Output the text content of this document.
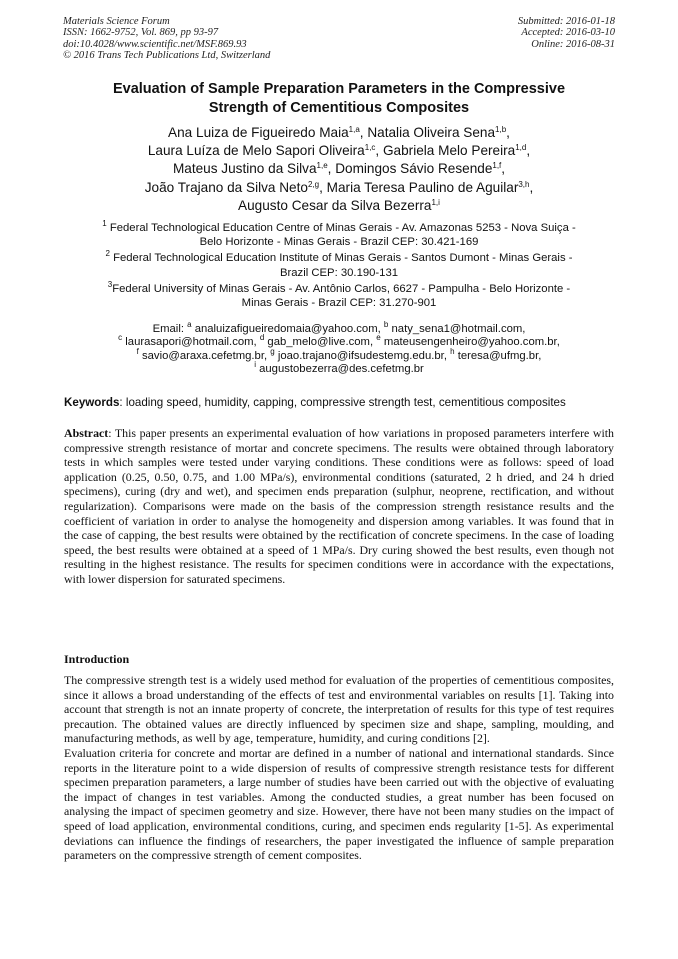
Materials Science Forum
ISSN: 1662-9752, Vol. 869, pp 93-97
doi:10.4028/www.scientific.net/MSF.869.93
© 2016 Trans Tech Publications Ltd, Switzerland
Submitted: 2016-01-18
Accepted: 2016-03-10
Online: 2016-08-31
Evaluation of Sample Preparation Parameters in the Compressive
Strength of Cementitious Composites
Ana Luiza de Figueiredo Maia$^{1,a}$, Natalia Oliveira Sena$^{1,b}$,
Laura Luíza de Melo Sapori Oliveira$^{1,c}$, Gabriela Melo Pereira$^{1,d}$,
Mateus Justino da Silva$^{1,e}$, Domingos Sávio Resende$^{1,f}$,
João Trajano da Silva Neto$^{2,g}$, Maria Teresa Paulino de Aguilar$^{3,h}$,
Augusto Cesar da Silva Bezerra$^{1,i}$
$^1$ Federal Technological Education Centre of Minas Gerais - Av. Amazonas 5253 - Nova Suiça -
Belo Horizonte - Minas Gerais - Brazil CEP: 30.421-169
$^2$ Federal Technological Education Institute of Minas Gerais - Santos Dumont - Minas Gerais -
Brazil CEP: 30.190-131
$^3$Federal University of Minas Gerais - Av. Antônio Carlos, 6627 - Pampulha - Belo Horizonte -
Minas Gerais - Brazil CEP: 31.270-901
Email: $^a$ analuizafigueiredomaia@yahoo.com, $^b$ naty_sena1@hotmail.com,
$^c$ laurasapori@hotmail.com, $^d$ gab_melo@live.com, $^e$ mateusengenheiro@yahoo.com.br,
$^f$ savio@araxa.cefetmg.br, $^g$ joao.trajano@ifsudestemg.edu.br, $^h$ teresa@ufmg.br,
$^i$ augustobezerra@des.cefetmg.br
Keywords: loading speed, humidity, capping, compressive strength test, cementitious composites

Abstract: This paper presents an experimental evaluation of how variations in proposed parameters interfere with compressive strength resistance of mortar and concrete specimens. The results were obtained through laboratory tests in which samples were tested under varying conditions. These conditions were as follows: speed of load application (0.25, 0.50, 0.75, and 1.00 MPa/s), environmental conditions (saturated, 2 h dried, and 24 h dried specimens), curing (dry and wet), and specimen ends preparation (sulphur, neoprene, rectification, and without regularization). Comparisons were made on the basis of the compression strength resistance results and the coefficient of variation in order to analyse the homogeneity and dispersion among variables. It was found that in the case of capping, the best results were obtained by the rectification of concrete specimens. In the case of loading speed, the best results were obtained at a speed of 1 MPa/s. Dry curing showed the best results, even though not resulting in the highest resistance. The results for specimen conditions were in accordance with the expectations, with lower dispersion for saturated specimens.

Introduction

The compressive strength test is a widely used method for evaluation of the properties of cementitious composites, since it allows a broad understanding of the effects of test and environmental variables on results [1]. Taking into account that strength is not an innate property of concrete, the interpretation of results for this type of test requires precaution. The obtained values are directly influenced by specimen size and shape, sampling, moulding, and manufacturing methods, as well by age, temperature, humidity, and curing conditions [2].

Evaluation criteria for concrete and mortar are defined in a number of national and international standards. Since reports in the literature point to a wide dispersion of results of compressive strength resistance tests for different specimen preparation parameters, a large number of studies have been carried out with the objective of evaluating the impact of changes in test variables. Among the conducted studies, a great number has been focused on analysing the impact of specimen geometry and size. However, there have not been many studies on the impact of speed of load application, environmental conditions, curing, and specimen ends regularity [1-5]. As experimental deviations can influence the findings of researchers, the paper investigated the influence of sample preparation parameters on the compressive strength of cement composites.
